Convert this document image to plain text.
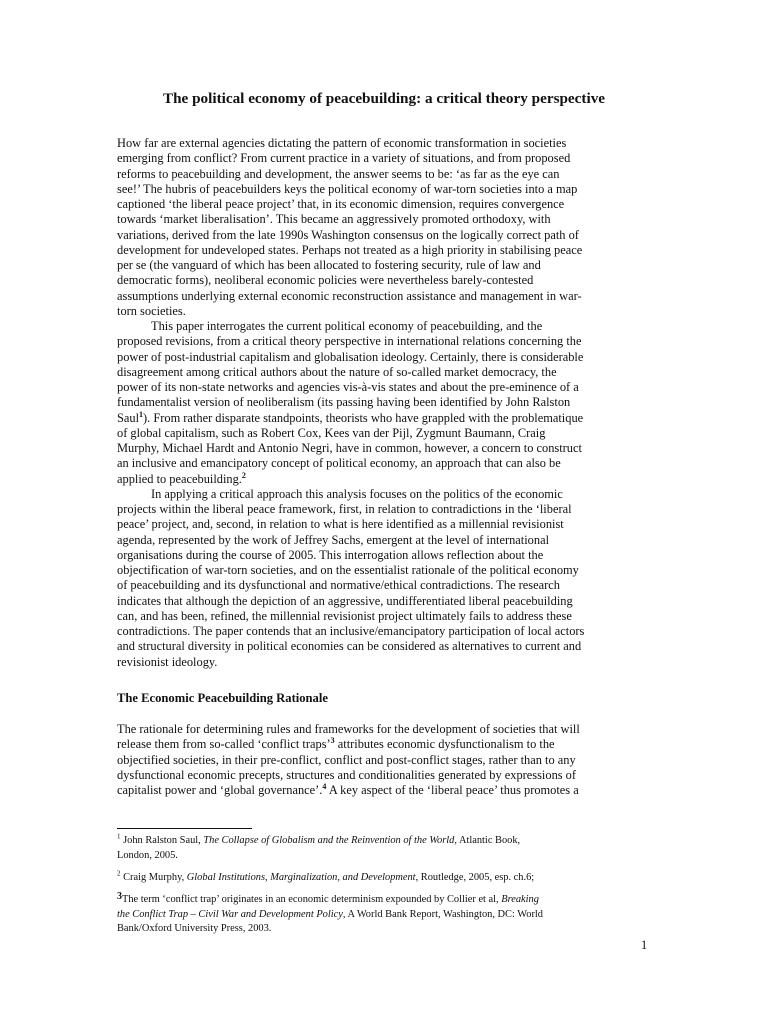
The political economy of peacebuilding: a critical theory perspective
How far are external agencies dictating the pattern of economic transformation in societies
emerging from conflict? From current practice in a variety of situations, and from proposed
reforms to peacebuilding and development, the answer seems to be: ‘as far as the eye can
see!’ The hubris of peacebuilders keys the political economy of war-torn societies into a map
captioned ‘the liberal peace project’ that, in its economic dimension, requires convergence
towards ‘market liberalisation’. This became an aggressively promoted orthodoxy, with
variations, derived from the late 1990s Washington consensus on the logically correct path of
development for undeveloped states. Perhaps not treated as a high priority in stabilising peace
per se (the vanguard of which has been allocated to fostering security, rule of law and
democratic forms), neoliberal economic policies were nevertheless barely-contested
assumptions underlying external economic reconstruction assistance and management in war-
torn societies.
This paper interrogates the current political economy of peacebuilding, and the
proposed revisions, from a critical theory perspective in international relations concerning the
power of post-industrial capitalism and globalisation ideology. Certainly, there is considerable
disagreement among critical authors about the nature of so-called market democracy, the
power of its non-state networks and agencies vis-à-vis states and about the pre-eminence of a
fundamentalist version of neoliberalism (its passing having been identified by John Ralston
Saul$^1$). From rather disparate standpoints, theorists who have grappled with the problematique
of global capitalism, such as Robert Cox, Kees van der Pijl, Zygmunt Baumann, Craig
Murphy, Michael Hardt and Antonio Negri, have in common, however, a concern to construct
an inclusive and emancipatory concept of political economy, an approach that can also be
applied to peacebuilding.$^2$
In applying a critical approach this analysis focuses on the politics of the economic
projects within the liberal peace framework, first, in relation to contradictions in the ‘liberal
peace’ project, and, second, in relation to what is here identified as a millennial revisionist
agenda, represented by the work of Jeffrey Sachs, emergent at the level of international
organisations during the course of 2005. This interrogation allows reflection about the
objectification of war-torn societies, and on the essentialist rationale of the political economy
of peacebuilding and its dysfunctional and normative/ethical contradictions. The research
indicates that although the depiction of an aggressive, undifferentiated liberal peacebuilding
can, and has been, refined, the millennial revisionist project ultimately fails to address these
contradictions. The paper contends that an inclusive/emancipatory participation of local actors
and structural diversity in political economies can be considered as alternatives to current and
revisionist ideology.
The Economic Peacebuilding Rationale
The rationale for determining rules and frameworks for the development of societies that will
release them from so-called ‘conflict traps’$^3$ attributes economic dysfunctionalism to the
objectified societies, in their pre-conflict, conflict and post-conflict stages, rather than to any
dysfunctional economic precepts, structures and conditionalities generated by expressions of
capitalist power and ‘global governance’.$^4$ A key aspect of the ‘liberal peace’ thus promotes a
$^1$ John Ralston Saul, The Collapse of Globalism and the Reinvention of the World, Atlantic Book,
London, 2005.
$^2$ Craig Murphy, Global Institutions, Marginalization, and Development, Routledge, 2005, esp. ch.6;
$^3$The term ‘conflict trap’ originates in an economic determinism expounded by Collier et al, Breaking
the Conflict Trap – Civil War and Development Policy, A World Bank Report, Washington, DC: World
Bank/Oxford University Press, 2003.
1
